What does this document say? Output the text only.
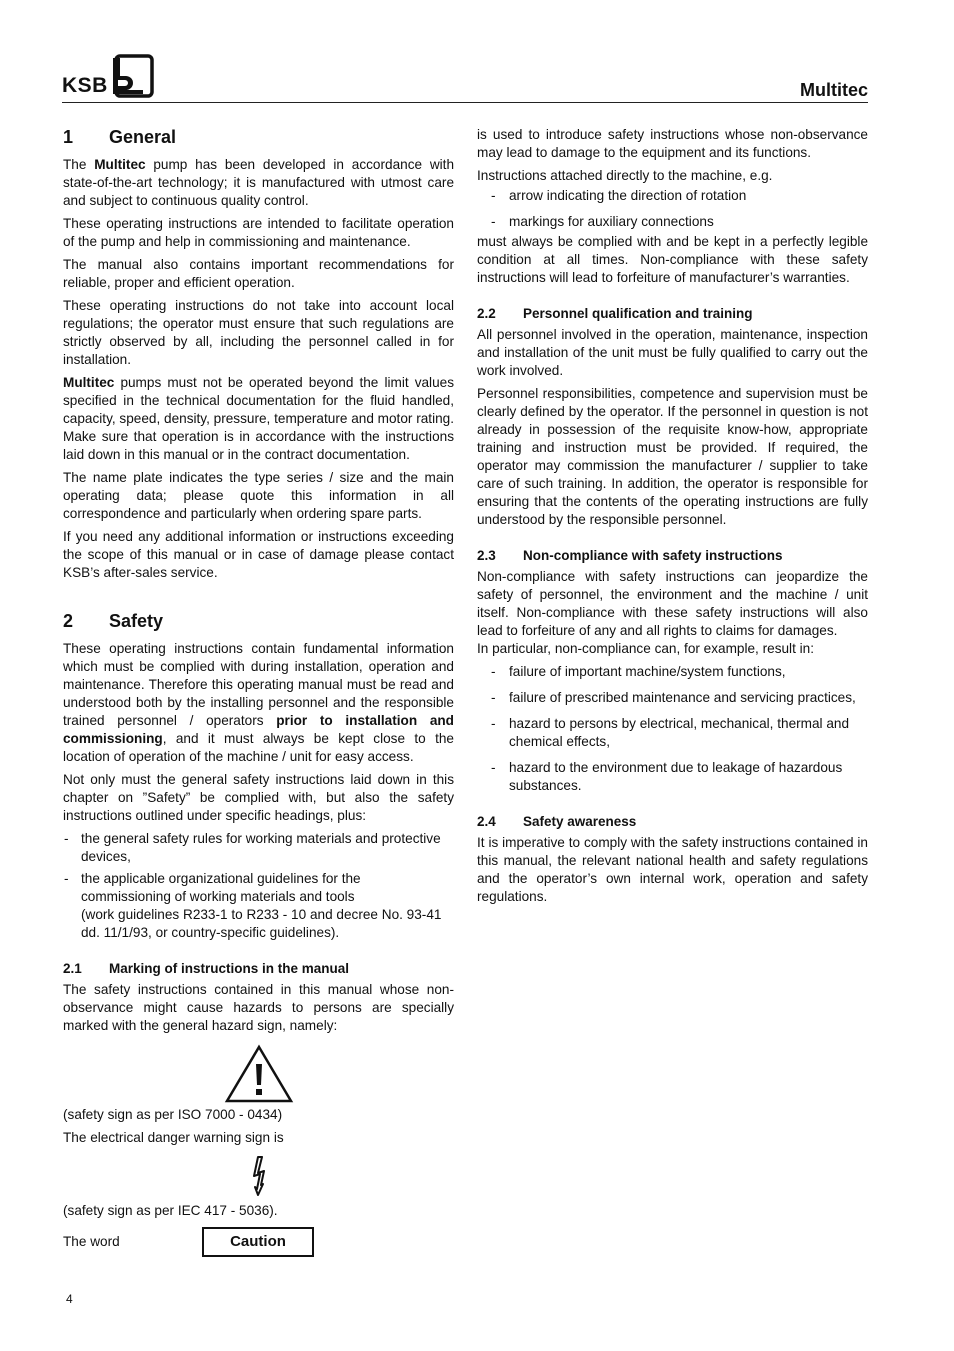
KSB	Multitec
1 General

The Multitec pump has been developed in accordance with state-of-the-art technology; it is manufactured with utmost care and subject to continuous quality control.

These operating instructions are intended to facilitate operation of the pump and help in commissioning and maintenance.

The manual also contains important recommendations for reliable, proper and efficient operation.

These operating instructions do not take into account local regulations; the operator must ensure that such regulations are strictly observed by all, including the personnel called in for installation.

Multitec pumps must not be operated beyond the limit values specified in the technical documentation for the fluid handled, capacity, speed, density, pressure, temperature and motor rating. Make sure that operation is in accordance with the instructions laid down in this manual or in the contract documentation.

The name plate indicates the type series / size and the main operating data; please quote this information in all correspondence and particularly when ordering spare parts.

If you need any additional information or instructions exceeding the scope of this manual or in case of damage please contact KSB’s after-sales service.

2 Safety

These operating instructions contain fundamental information which must be complied with during installation, operation and maintenance. Therefore this operating manual must be read and understood both by the installing personnel and the responsible trained personnel / operators prior to installation and commissioning, and it must always be kept close to the location of operation of the machine / unit for easy access.

Not only must the general safety instructions laid down in this chapter on ”Safety” be complied with, but also the safety instructions outlined under specific headings, plus:

- the general safety rules for working materials and protective devices,
- the applicable organizational guidelines for the commissioning of working materials and tools
(work guidelines R233-1 to R233 - 10 and decree No. 93-41
dd. 11/1/93, or country-specific guidelines).
2.1 Marking of instructions in the manual

The safety instructions contained in this manual whose non-observance might cause hazards to persons are specially marked with the general hazard sign, namely:

(safety sign as per ISO 7000 - 0434)

The electrical danger warning sign is

(safety sign as per IEC 417 - 5036).

The word	Caution

is used to introduce safety instructions whose non-observance may lead to damage to the equipment and its functions.

Instructions attached directly to the machine, e.g.

- arrow indicating the direction of rotation
- markings for auxiliary connections

must always be complied with and be kept in a perfectly legible condition at all times. Non-compliance with these safety instructions will lead to forfeiture of manufacturer’s warranties.

2.2 Personnel qualification and training

All personnel involved in the operation, maintenance, inspection and installation of the unit must be fully qualified to carry out the work involved.

Personnel responsibilities, competence and supervision must be clearly defined by the operator. If the personnel in question is not already in possession of the requisite know-how, appropriate training and instruction must be provided. If required, the operator may commission the manufacturer / supplier to take care of such training. In addition, the operator is responsible for ensuring that the contents of the operating instructions are fully understood by the responsible personnel.

2.3 Non-compliance with safety instructions

Non-compliance with safety instructions can jeopardize the safety of personnel, the environment and the machine / unit itself. Non-compliance with these safety instructions will also lead to forfeiture of any and all rights to claims for damages.

In particular, non-compliance can, for example, result in:

- failure of important machine/system functions,
- failure of prescribed maintenance and servicing practices,
- hazard to persons by electrical, mechanical, thermal and chemical effects,
- hazard to the environment due to leakage of hazardous substances.
2.4 Safety awareness

It is imperative to comply with the safety instructions contained in this manual, the relevant national health and safety regulations and the operator’s own internal work, operation and safety regulations.

4
